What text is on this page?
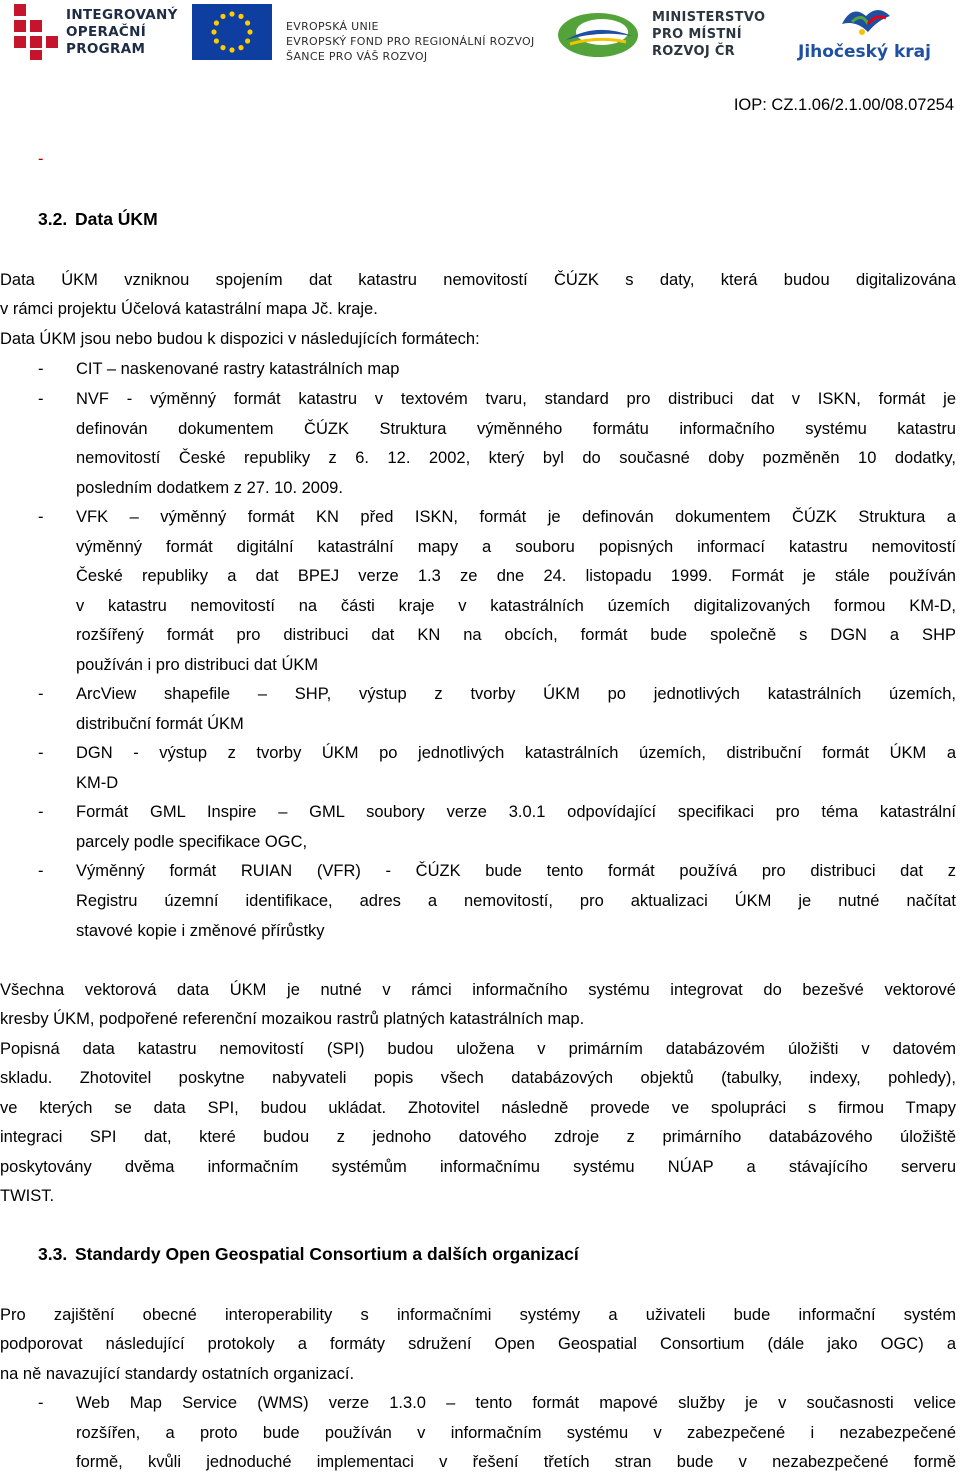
INTEGROVANÝ
OPERAČNÍ
PROGRAM
EVROPSKÁ UNIE
EVROPSKÝ FOND PRO REGIONÁLNÍ ROZVOJ
ŠANCE PRO VÁŠ ROZVOJ
MINISTERSTVO
PRO MÍSTNÍ
ROZVOJ ČR	Jihočeský kraj
IOP: CZ.1.06/2.1.00/08.07254
-
3.2. Data ÚKM
Data ÚKM vzniknou spojením dat katastru nemovitostí ČÚZK s daty, která budou digitalizována
v rámci projektu Účelová katastrální mapa Jč. kraje.
Data ÚKM jsou nebo budou k dispozici v následujících formátech:
- CIT – naskenované rastry katastrálních map
- NVF - výměnný formát katastru v textovém tvaru, standard pro distribuci dat v ISKN, formát je
definován dokumentem ČÚZK Struktura výměnného formátu informačního systému katastru
nemovitostí České republiky z 6. 12. 2002, který byl do současné doby pozměněn 10 dodatky,
posledním dodatkem z 27. 10. 2009.
- VFK – výměnný formát KN před ISKN, formát je definován dokumentem ČÚZK Struktura a
výměnný formát digitální katastrální mapy a souboru popisných informací katastru nemovitostí
České republiky a dat BPEJ verze 1.3 ze dne 24. listopadu 1999. Formát je stále používán
v katastru nemovitostí na části kraje v katastrálních územích digitalizovaných formou KM-D,
rozšířený formát pro distribuci dat KN na obcích, formát bude společně s DGN a SHP
používán i pro distribuci dat ÚKM
- ArcView shapefile – SHP, výstup z tvorby ÚKM po jednotlivých katastrálních územích,
distribuční formát ÚKM
- DGN - výstup z tvorby ÚKM po jednotlivých katastrálních územích, distribuční formát ÚKM a
KM-D
- Formát GML Inspire – GML soubory verze 3.0.1 odpovídající specifikaci pro téma katastrální
parcely podle specifikace OGC,
- Výměnný formát RUIAN (VFR) - ČÚZK bude tento formát používá pro distribuci dat z
Registru územní identifikace, adres a nemovitostí, pro aktualizaci ÚKM je nutné načítat
stavové kopie i změnové přírůstky
Všechna vektorová data ÚKM je nutné v rámci informačního systému integrovat do bezešvé vektorové
kresby ÚKM, podpořené referenční mozaikou rastrů platných katastrálních map.
Popisná data katastru nemovitostí (SPI) budou uložena v primárním databázovém úložišti v datovém
skladu. Zhotovitel poskytne nabyvateli popis všech databázových objektů (tabulky, indexy, pohledy),
ve kterých se data SPI, budou ukládat. Zhotovitel následně provede ve spolupráci s firmou Tmapy
integraci SPI dat, které budou z jednoho datového zdroje z primárního databázového úložiště
poskytovány dvěma informačním systémům informačnímu systému NÚAP a stávajícího serveru
TWIST.
3.3. Standardy Open Geospatial Consortium a dalších organizací
Pro zajištění obecné interoperability s informačními systémy a uživateli bude informační systém
podporovat následující protokoly a formáty sdružení Open Geospatial Consortium (dále jako OGC) a
na ně navazující standardy ostatních organizací.
- Web Map Service (WMS) verze 1.3.0 – tento formát mapové služby je v současnosti velice
rozšířen, a proto bude používán v informačním systému v zabezpečené i nezabezpečené
formě, kvůli jednoduché implementaci v řešení třetích stran bude v nezabezpečené formě
